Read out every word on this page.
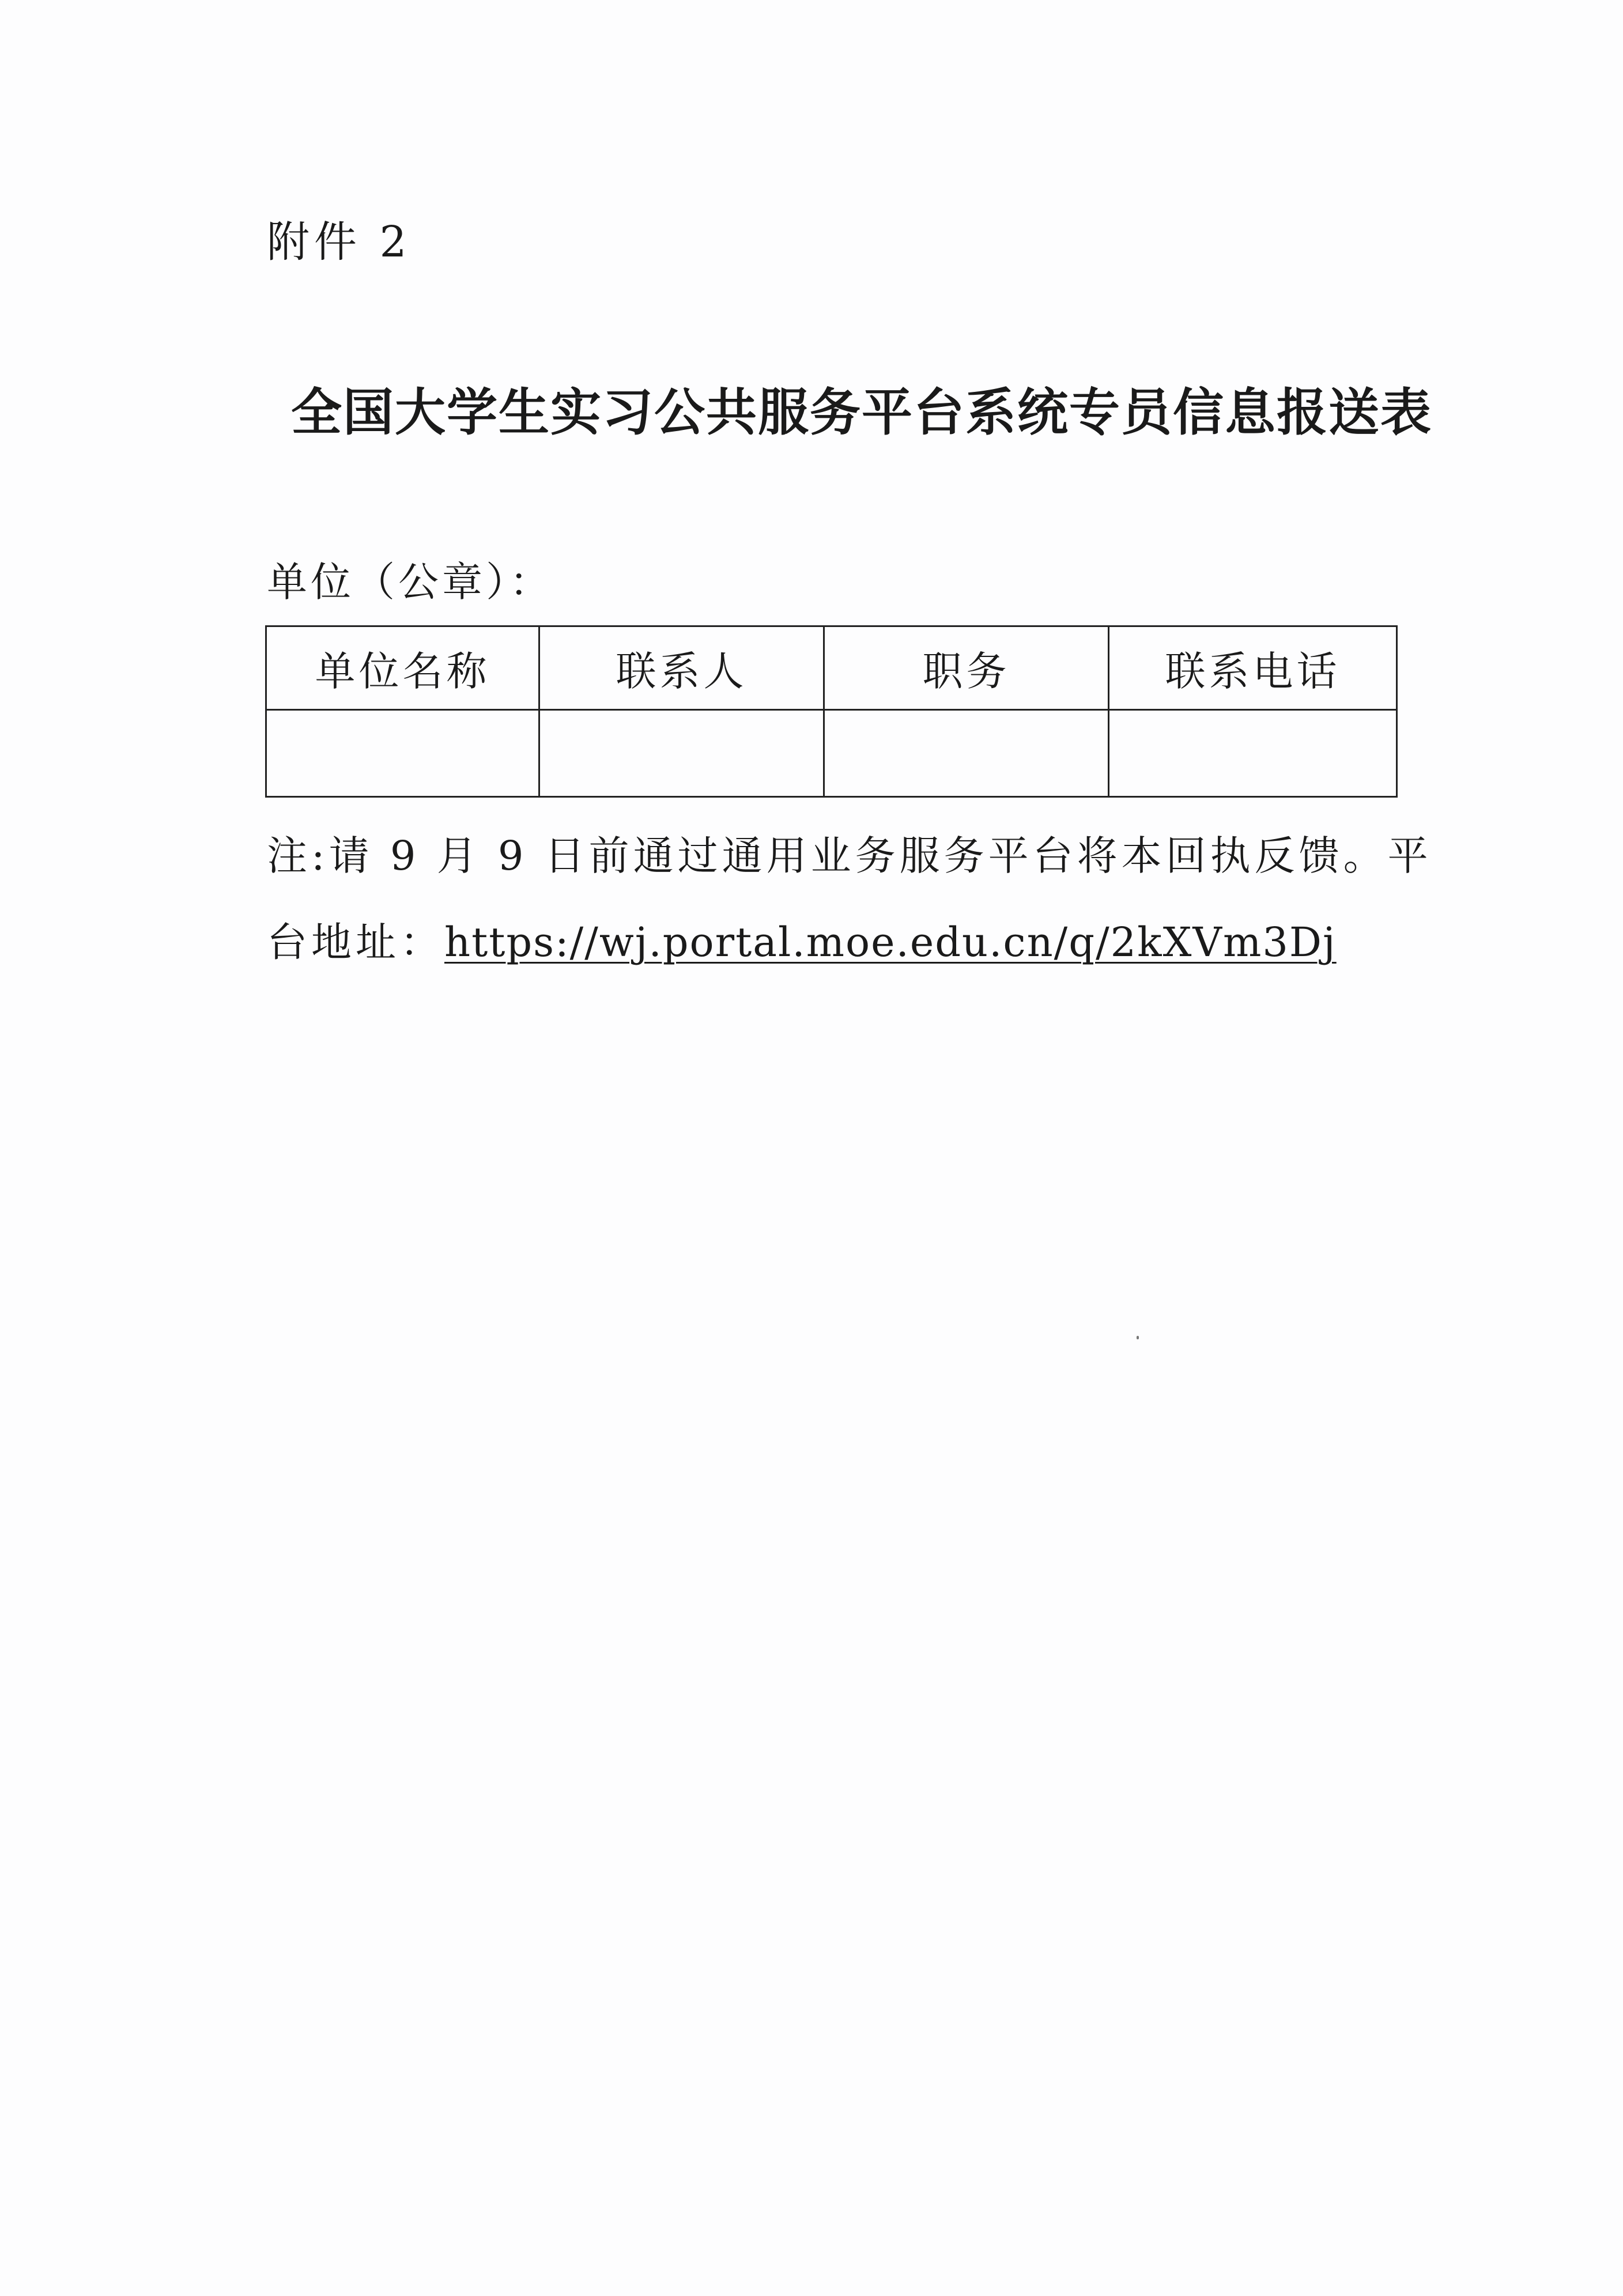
附件 2
全国大学生实习公共服务平台系统专员信息报送表
单位（公章）：
单位名称	联系人	职务	联系电话

注:请 9 月 9 日前通过通用业务服务平台将本回执反馈。平
台地址：https://wj.portal.moe.edu.cn/q/2kXVm3Dj
